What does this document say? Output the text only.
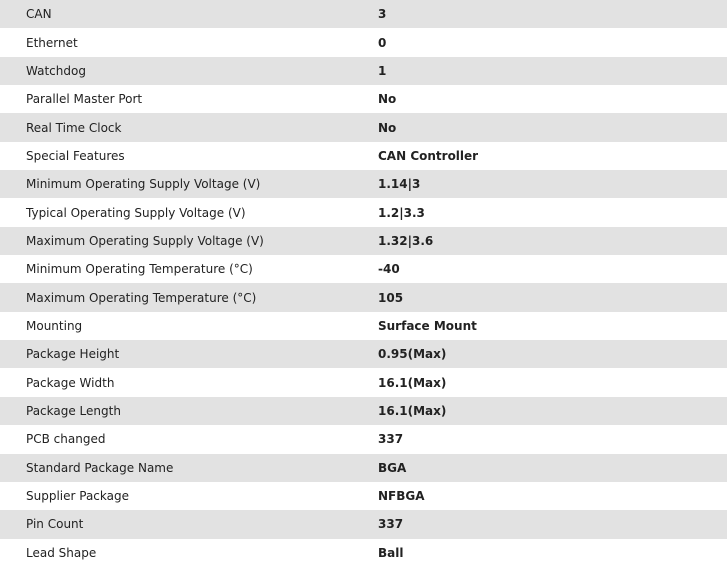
CAN	3
Ethernet	0
Watchdog	1
Parallel Master Port	No
Real Time Clock	No
Special Features	CAN Controller
Minimum Operating Supply Voltage (V)	1.14|3
Typical Operating Supply Voltage (V)	1.2|3.3
Maximum Operating Supply Voltage (V)	1.32|3.6
Minimum Operating Temperature (°C)	-40
Maximum Operating Temperature (°C)	105
Mounting	Surface Mount
Package Height	0.95(Max)
Package Width	16.1(Max)
Package Length	16.1(Max)
PCB changed	337
Standard Package Name	BGA
Supplier Package	NFBGA
Pin Count	337
Lead Shape	Ball
